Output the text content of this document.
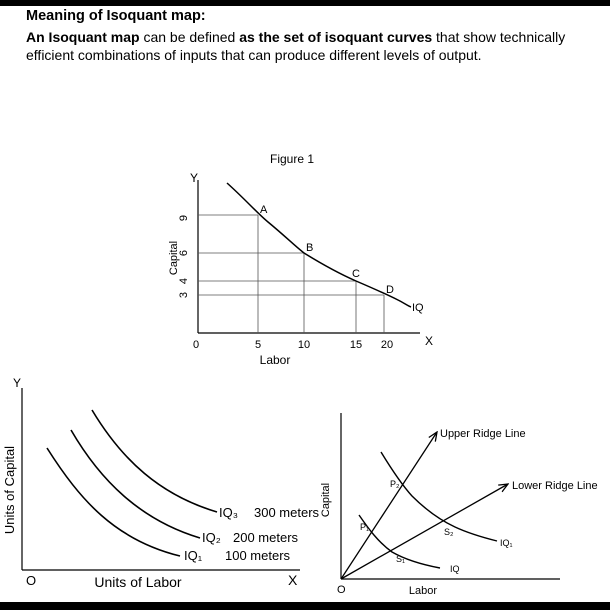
Meaning of Isoquant map:
An Isoquant map can be defined as the set of isoquant curves that show technically efficient combinations of inputs that can produce different levels of output.
Figure 1
Y
X
0
Capital
Labor
5	10	15 20
9
6
4
3
A
B
C
D
IQ
Y
X
O
Units of Capital
Units of Labor
IQ₃ 300 meters
IQ₂ 200 meters
IQ₁ 100 meters
O
Capital
Labor
Upper Ridge Line
Lower Ridge Line
P₂
P₁	S₂
S₁
IQ₁
IQ
